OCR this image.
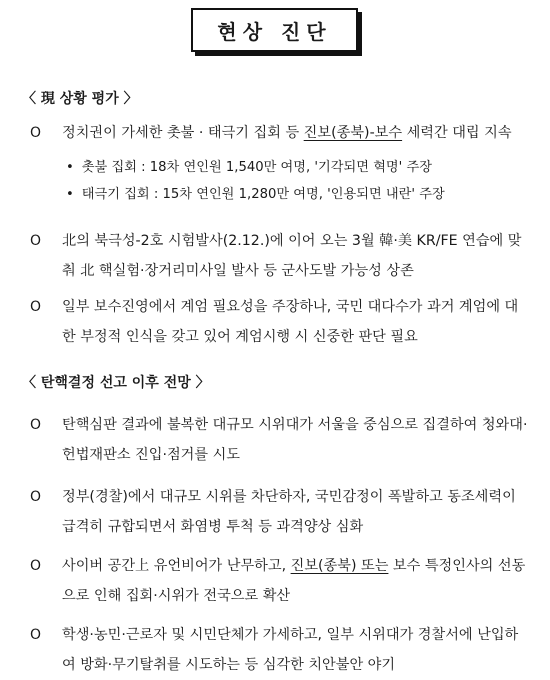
현상 진단
〈 現 상황 평가 〉
O	정치권이 가세한 촛불 · 태극기 집회 등 진보(종북)-보수 세력간 대립 지속
• 촛불 집회 : 18차 연인원 1,540만 여명, '기각되면 혁명' 주장
• 태극기 집회 : 15차 연인원 1,280만 여명, '인용되면 내란' 주장
O	北의 북극성-2호 시험발사(2.12.)에 이어 오는 3월 韓·美 KR/FE 연습에 맞춰 北 핵실험·장거리미사일 발사 등 군사도발 가능성 상존
O	일부 보수진영에서 계엄 필요성을 주장하나, 국민 대다수가 과거 계엄에 대한 부정적 인식을 갖고 있어 계엄시행 시 신중한 판단 필요
〈 탄핵결정 선고 이후 전망 〉
O	탄핵심판 결과에 불복한 대규모 시위대가 서울을 중심으로 집결하여 청와대·헌법재판소 진입·점거를 시도
O	정부(경찰)에서 대규모 시위를 차단하자, 국민감정이 폭발하고 동조세력이 급격히 규합되면서 화염병 투척 등 과격양상 심화
O	사이버 공간上 유언비어가 난무하고, 진보(종북) 또는 보수 특정인사의 선동으로 인해 집회·시위가 전국으로 확산
O	학생·농민·근로자 및 시민단체가 가세하고, 일부 시위대가 경찰서에 난입하여 방화·무기탈취를 시도하는 등 심각한 치안불안 야기
